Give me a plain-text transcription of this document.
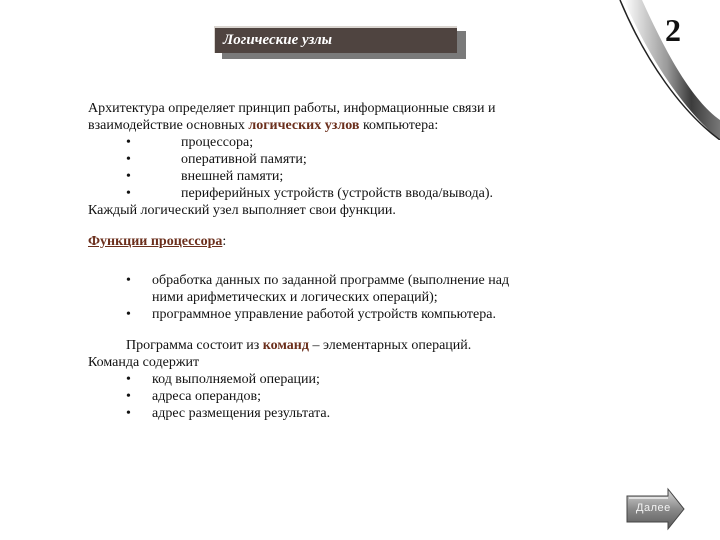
Логические узлы	2
Архитектура определяет принцип работы, информационные связи и
взаимодействие основных логических узлов компьютера:
•	процессора;
•	оперативной памяти;
•	внешней памяти;
•	периферийных устройств (устройств ввода/вывода).
Каждый логический узел выполняет свои функции.
Функции процессора:
• обработка данных по заданной программе (выполнение над
ними арифметических и логических операций);
• программное управление работой устройств компьютера.
Программа состоит из команд – элементарных операций.
Команда содержит
• код выполняемой операции;
• адреса операндов;
• адрес размещения результата.
Далее
